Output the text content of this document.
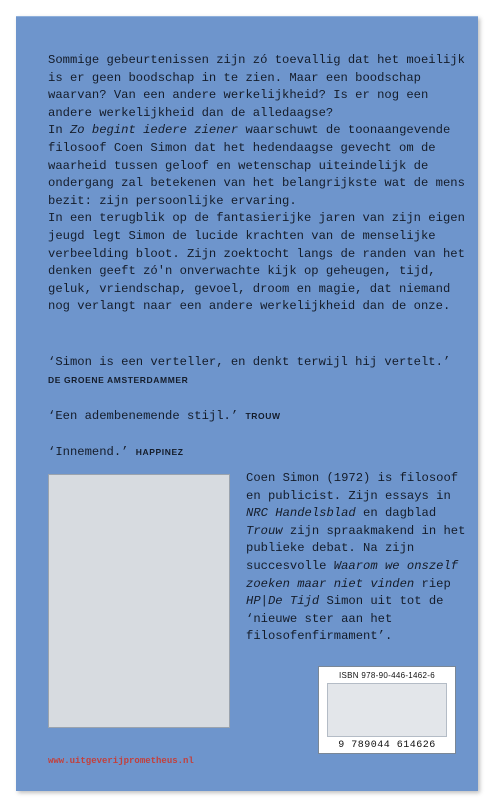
Sommige gebeurtenissen zijn zó toevallig dat het moeilijk is er geen boodschap in te zien. Maar een boodschap waarvan? Van een andere werkelijkheid? Is er nog een andere werkelijkheid dan de alledaagse?

In Zo begint iedere ziener waarschuwt de toonaangevende filosoof Coen Simon dat het hedendaagse gevecht om de waarheid tussen geloof en wetenschap uiteindelijk de ondergang zal betekenen van het belangrijkste wat de mens bezit: zijn persoonlijke ervaring.

In een terugblik op de fantasierijke jaren van zijn eigen jeugd legt Simon de lucide krachten van de menselijke verbeelding bloot. Zijn zoektocht langs de randen van het denken geeft zó'n onverwachte kijk op geheugen, tijd, geluk, vriendschap, gevoel, droom en magie, dat niemand nog verlangt naar een andere werkelijkheid dan de onze.

‘Simon is een verteller, en denkt terwijl hij vertelt.’ DE GROENE AMSTERDAMMER
‘Een adembenemende stijl.’ TROUW
‘Innemend.’ HAPPINEZ
Coen Simon (1972) is filosoof en publicist. Zijn essays in NRC Handelsblad en dagblad Trouw zijn spraakmakend in het publieke debat. Na zijn succesvolle Waarom we onszelf zoeken maar niet vinden riep HP|De Tijd Simon uit tot de ‘nieuwe ster aan het filosofenfirmament’.
ISBN 978-90-446-1462-6
9 789044 614626
www.uitgeverijprometheus.nl
